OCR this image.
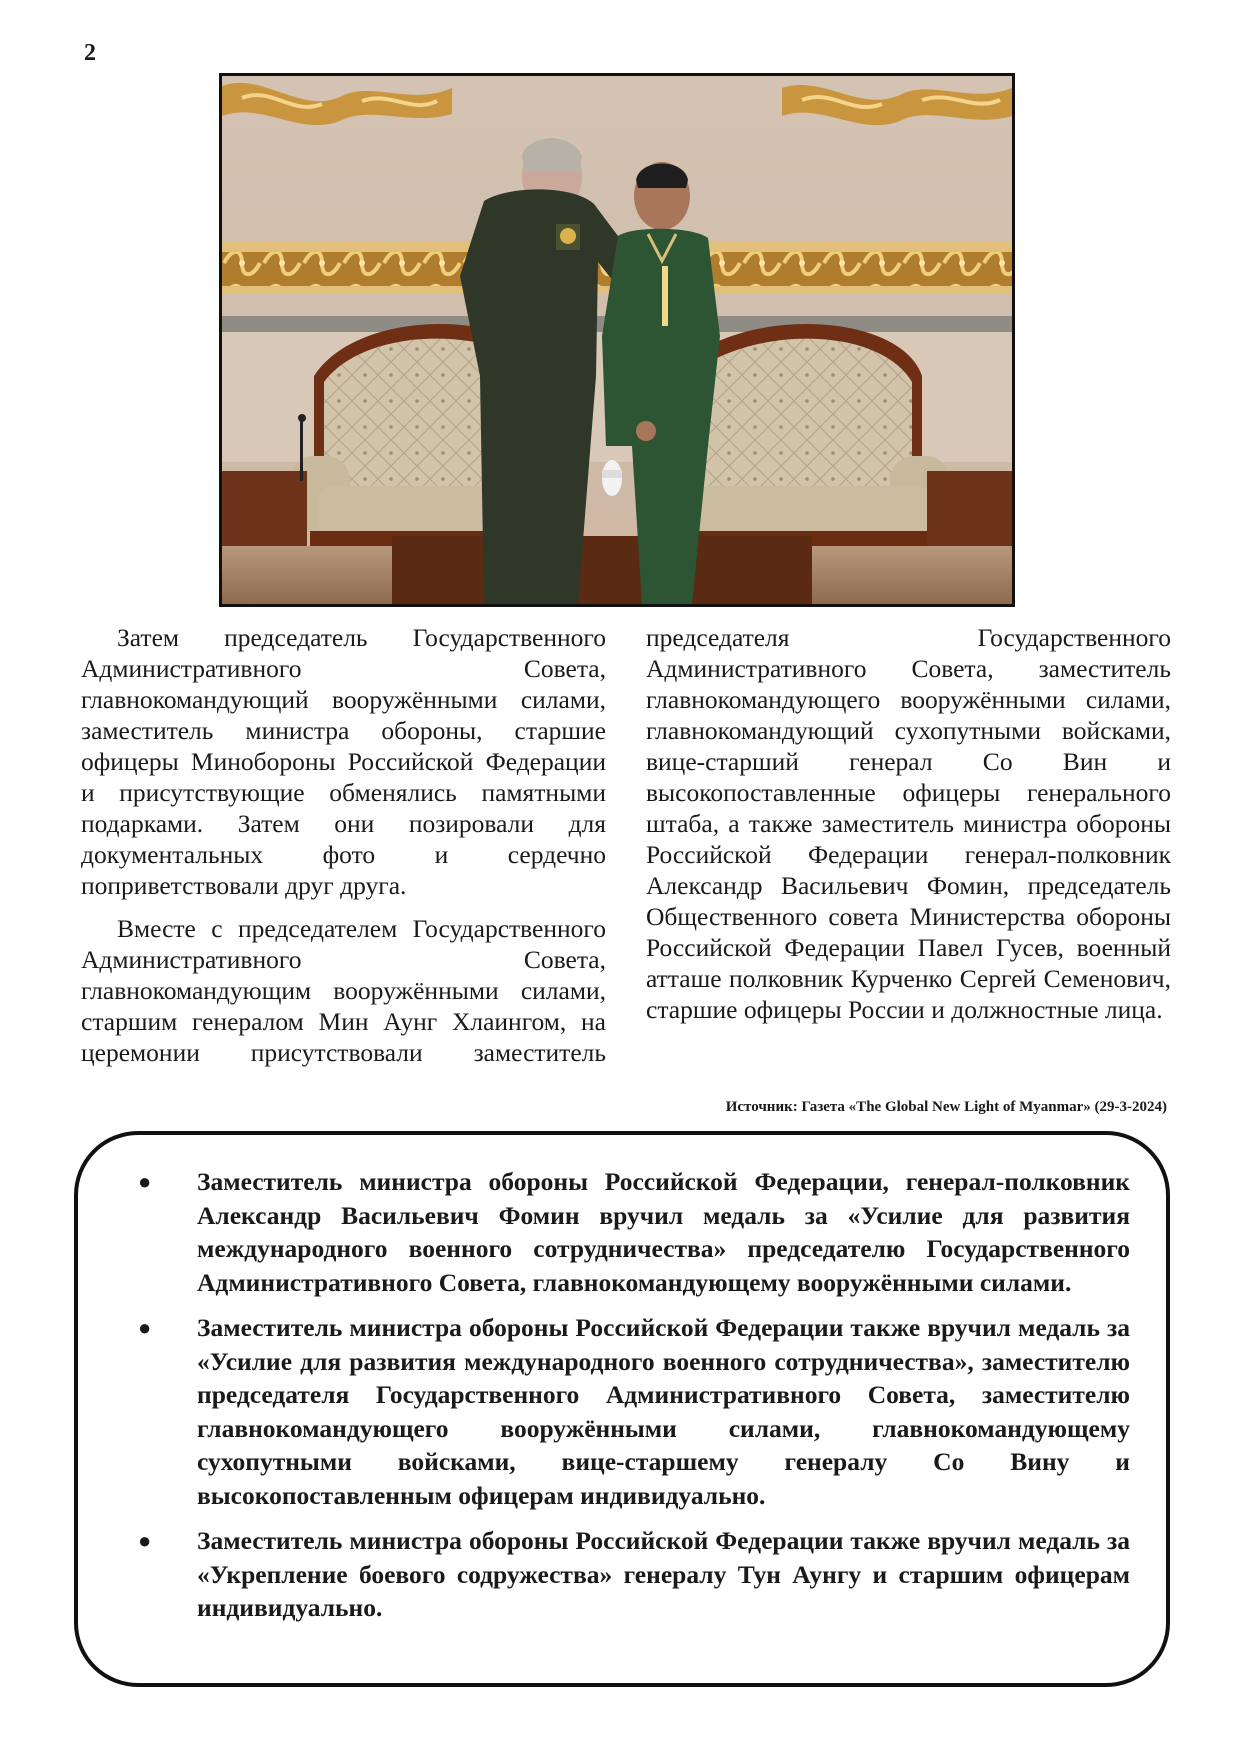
2

Затем председатель Государственного Административного Совета, главнокомандующий вооружёнными силами, заместитель министра обороны, старшие офицеры Минобороны Российской Федерации и присутствующие обменялись памятными подарками. Затем они позировали для документальных фото и сердечно поприветствовали друг друга.

Вместе с председателем Государственного Административного Совета, главнокомандующим вооружёнными силами, старшим генералом Мин Аунг Хлаингом, на церемонии присутствовали заместитель председателя Государственного Административного Совета, заместитель главнокомандующего вооружёнными силами, главнокомандующий сухопутными войсками, вице-старший генерал Со Вин и высокопоставленные офицеры генерального штаба, а также заместитель министра обороны Российской Федерации генерал-полковник Александр Васильевич Фомин, председатель Общественного совета Министерства обороны Российской Федерации Павел Гусев, военный атташе полковник Курченко Сергей Семенович, старшие офицеры России и должностные лица.

Источник: Газета «The Global New Light of Myanmar» (29-3-2024)
● Заместитель министра обороны Российской Федерации, генерал-полковник Александр Васильевич Фомин вручил медаль за «Усилие для развития международного военного сотрудничества» председателю Государственного Административного Совета, главнокомандующему вооружёнными силами.
● Заместитель министра обороны Российской Федерации также вручил медаль за «Усилие для развития международного военного сотрудничества», заместителю председателя Государственного Административного Совета, заместителю главнокомандующего вооружёнными силами, главнокомандующему сухопутными войсками, вице-старшему генералу Со Вину и высокопоставленным офицерам индивидуально.
● Заместитель министра обороны Российской Федерации также вручил медаль за «Укрепление боевого содружества» генералу Тун Аунгу и старшим офицерам индивидуально.
